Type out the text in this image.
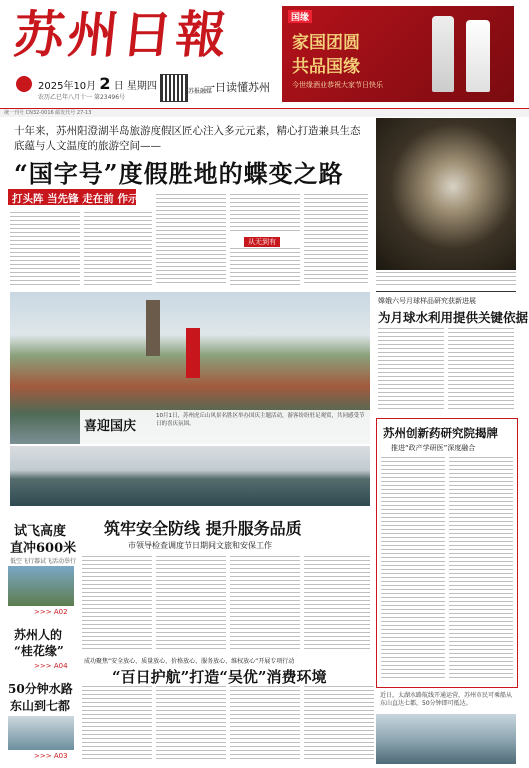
苏州日報
2025年10月 2 日 星期四
农历乙巳年八月十一 第23496号
苏报融媒
一日读懂苏州
国缘
家国团圆
共品国缘
今世缘酒业恭祝大家节日快乐
统一刊号 CN32-0016 邮发代号 27-13
十年来，苏州阳澄湖半岛旅游度假区匠心注入多元元素，精心打造兼具生态底蕴与人文温度的旅游空间——
“国字号”度假胜地的蝶变之路
打头阵 当先锋 走在前 作示范
从无到有
嫦娥六号月球样品研究获新进展
为月球水利用提供关键依据
喜迎国庆
10月1日，苏州虎丘山风景名胜区举办国庆主题活动，游客纷纷驻足观赏，共同感受节日的喜庆氛围。
苏州创新药研究院揭牌
推进“政产学研医”深度融合
筑牢安全防线 提升服务品质
市领导检查调度节日期间文旅和安保工作
成功聚焦“安全放心、质量放心、价格放心、服务放心、维权放心”开展专项行动
“百日护航”打造“吴优”消费环境
试飞高度
直冲600米
低空飞行器试飞活动举行
>>> A02
苏州人的
“桂花缘”
>>> A04
50分钟水路
东山到七都
>>> A03
近日，太湖水路航线开通运营，苏州市民可乘船从东山直达七都，50分钟即可抵达。
